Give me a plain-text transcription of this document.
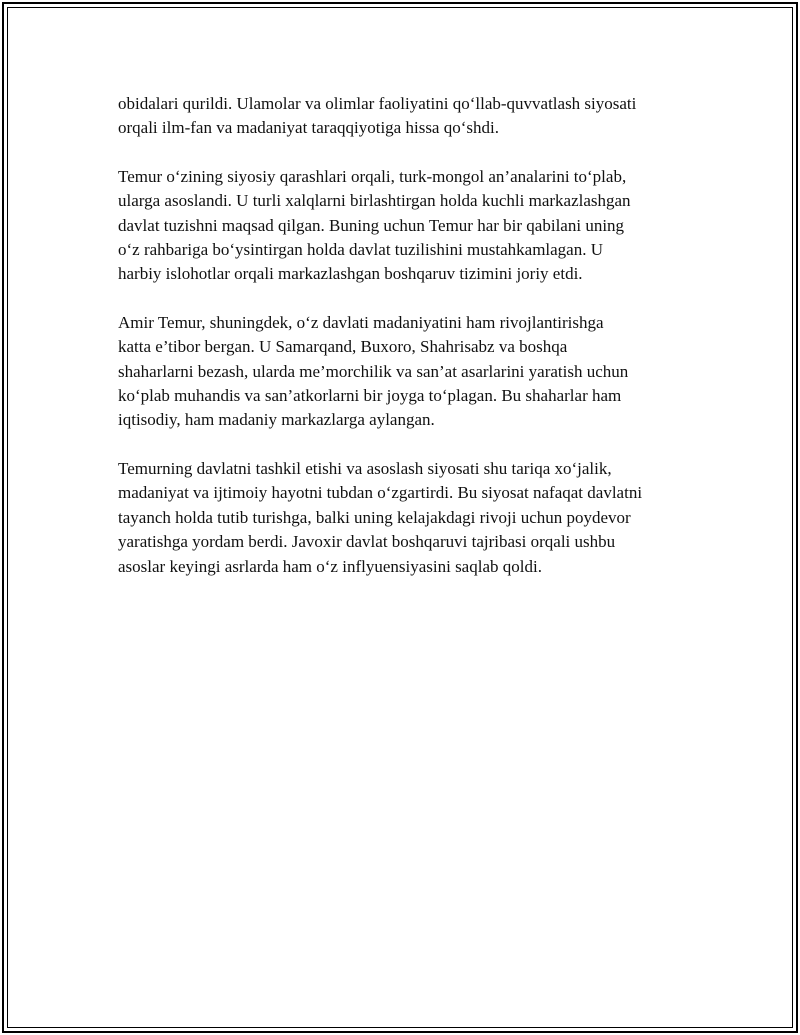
obidalari qurildi. Ulamolar va olimlar faoliyatini qo‘llab-quvvatlash siyosati
orqali ilm-fan va madaniyat taraqqiyotiga hissa qo‘shdi.

Temur o‘zining siyosiy qarashlari orqali, turk-mongol an’analarini to‘plab,
ularga asoslandi. U turli xalqlarni birlashtirgan holda kuchli markazlashgan
davlat tuzishni maqsad qilgan. Buning uchun Temur har bir qabilani uning
o‘z rahbariga bo‘ysintirgan holda davlat tuzilishini mustahkamlagan. U
harbiy islohotlar orqali markazlashgan boshqaruv tizimini joriy etdi.

Amir Temur, shuningdek, o‘z davlati madaniyatini ham rivojlantirishga
katta e’tibor bergan. U Samarqand, Buxoro, Shahrisabz va boshqa
shaharlarni bezash, ularda me’morchilik va san’at asarlarini yaratish uchun
ko‘plab muhandis va san’atkorlarni bir joyga to‘plagan. Bu shaharlar ham
iqtisodiy, ham madaniy markazlarga aylangan.

Temurning davlatni tashkil etishi va asoslash siyosati shu tariqa xo‘jalik,
madaniyat va ijtimoiy hayotni tubdan o‘zgartirdi. Bu siyosat nafaqat davlatni
tayanch holda tutib turishga, balki uning kelajakdagi rivoji uchun poydevor
yaratishga yordam berdi. Javoxir davlat boshqaruvi tajribasi orqali ushbu
asoslar keyingi asrlarda ham o‘z inflyuensiyasini saqlab qoldi.
